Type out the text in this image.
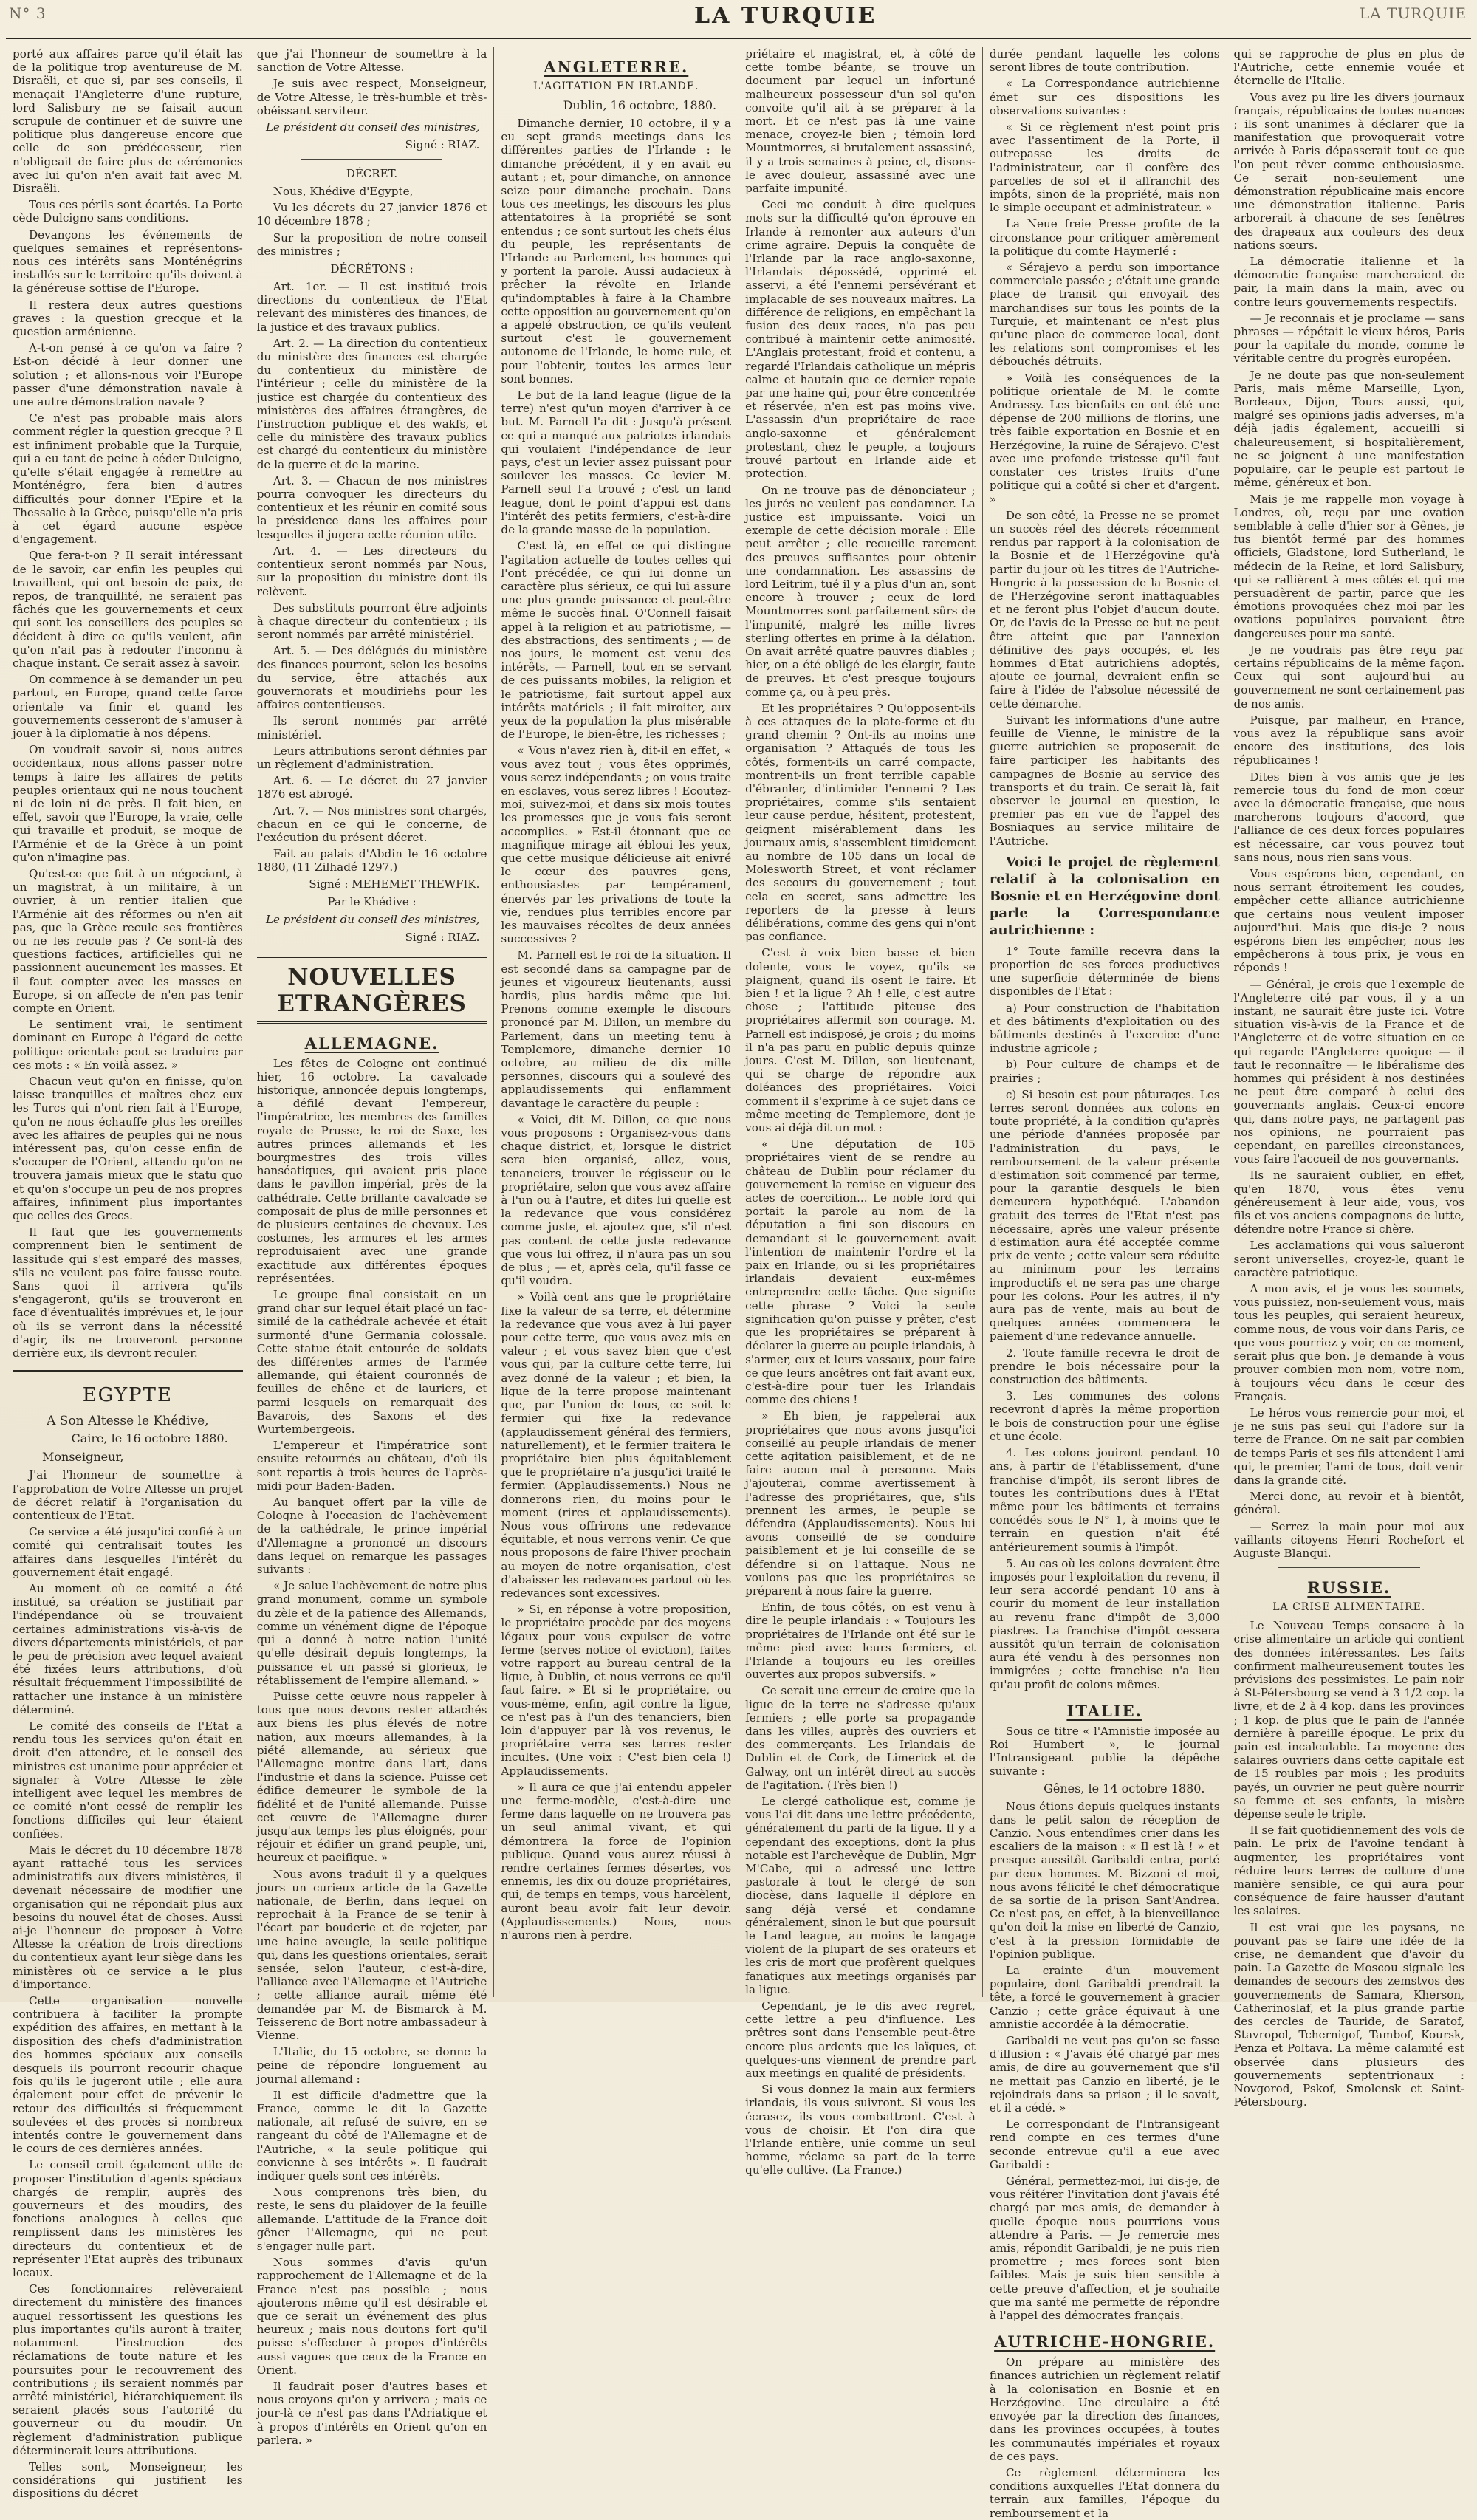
N° 3	LA TURQUIE	LA TURQUIE

porté aux affaires parce qu'il était las de la politique trop aventureuse de M. Disraëli, et que si, par ses conseils, il menaçait l'Angleterre d'une rupture, lord Salisbury ne se faisait aucun scrupule de continuer et de suivre une politique plus dangereuse encore que celle de son prédécesseur, rien n'obligeait de faire plus de cérémonies avec lui qu'on n'en avait fait avec M. Disraëli.

Tous ces périls sont écartés. La Porte cède Dulcigno sans conditions.

Devançons les événements de quelques semaines et représentons-nous ces intérêts sans Monténégrins installés sur le territoire qu'ils doivent à la généreuse sottise de l'Europe.

Il restera deux autres questions graves : la question grecque et la question arménienne.

A-t-on pensé à ce qu'on va faire ? Est-on décidé à leur donner une solution ; et allons-nous voir l'Europe passer d'une démonstration navale à une autre démonstration navale ?

Ce n'est pas probable mais alors comment régler la question grecque ? Il est infiniment probable que la Turquie, qui a eu tant de peine à céder Dulcigno, qu'elle s'était engagée à remettre au Monténégro, fera bien d'autres difficultés pour donner l'Epire et la Thessalie à la Grèce, puisqu'elle n'a pris à cet égard aucune espèce d'engagement.

Que fera-t-on ? Il serait intéressant de le savoir, car enfin les peuples qui travaillent, qui ont besoin de paix, de repos, de tranquillité, ne seraient pas fâchés que les gouvernements et ceux qui sont les conseillers des peuples se décident à dire ce qu'ils veulent, afin qu'on n'ait pas à redouter l'inconnu à chaque instant. Ce serait assez à savoir.

On commence à se demander un peu partout, en Europe, quand cette farce orientale va finir et quand les gouvernements cesseront de s'amuser à jouer à la diplomatie à nos dépens.

On voudrait savoir si, nous autres occidentaux, nous allons passer notre temps à faire les affaires de petits peuples orientaux qui ne nous touchent ni de loin ni de près. Il fait bien, en effet, savoir que l'Europe, la vraie, celle qui travaille et produit, se moque de l'Arménie et de la Grèce à un point qu'on n'imagine pas.

Qu'est-ce que fait à un négociant, à un magistrat, à un militaire, à un ouvrier, à un rentier italien que l'Arménie ait des réformes ou n'en ait pas, que la Grèce recule ses frontières ou ne les recule pas ? Ce sont-là des questions factices, artificielles qui ne passionnent aucunement les masses. Et il faut compter avec les masses en Europe, si on affecte de n'en pas tenir compte en Orient.

Le sentiment vrai, le sentiment dominant en Europe à l'égard de cette politique orientale peut se traduire par ces mots : « En voilà assez. »

Chacun veut qu'on en finisse, qu'on laisse tranquilles et maîtres chez eux les Turcs qui n'ont rien fait à l'Europe, qu'on ne nous échauffe plus les oreilles avec les affaires de peuples qui ne nous intéressent pas, qu'on cesse enfin de s'occuper de l'Orient, attendu qu'on ne trouvera jamais mieux que le statu quo et qu'on s'occupe un peu de nos propres affaires, infiniment plus importantes que celles des Grecs.

Il faut que les gouvernements comprennent bien le sentiment de lassitude qui s'est emparé des masses, s'ils ne veulent pas faire fausse route. Sans quoi il arrivera qu'ils s'engageront, qu'ils se trouveront en face d'éventualités imprévues et, le jour où ils se verront dans la nécessité d'agir, ils ne trouveront personne derrière eux, ils devront reculer.

EGYPTE
A Son Altesse le Khédive,
Caire, le 16 octobre 1880.
Monseigneur,

J'ai l'honneur de soumettre à l'approbation de Votre Altesse un projet de décret relatif à l'organisation du contentieux de l'Etat.

Ce service a été jusqu'ici confié à un comité qui centralisait toutes les affaires dans lesquelles l'intérêt du gouvernement était engagé.

Au moment où ce comité a été institué, sa création se justifiait par l'indépendance où se trouvaient certaines administrations vis-à-vis de divers départements ministériels, et par le peu de précision avec lequel avaient été fixées leurs attributions, d'où résultait fréquemment l'impossibilité de rattacher une instance à un ministère déterminé.

Le comité des conseils de l'Etat a rendu tous les services qu'on était en droit d'en attendre, et le conseil des ministres est unanime pour apprécier et signaler à Votre Altesse le zèle intelligent avec lequel les membres de ce comité n'ont cessé de remplir les fonctions difficiles qui leur étaient confiées.

Mais le décret du 10 décembre 1878 ayant rattaché tous les services administratifs aux divers ministères, il devenait nécessaire de modifier une organisation qui ne répondait plus aux besoins du nouvel état de choses. Aussi ai-je l'honneur de proposer à Votre Altesse la création de trois directions du contentieux ayant leur siège dans les ministères où ce service a le plus d'importance.

Cette organisation nouvelle contribuera à faciliter la prompte expédition des affaires, en mettant à la disposition des chefs d'administration des hommes spéciaux aux conseils desquels ils pourront recourir chaque fois qu'ils le jugeront utile ; elle aura également pour effet de prévenir le retour des difficultés si fréquemment soulevées et des procès si nombreux intentés contre le gouvernement dans le cours de ces dernières années.

Le conseil croit également utile de proposer l'institution d'agents spéciaux chargés de remplir, auprès des gouverneurs et des moudirs, des fonctions analogues à celles que remplissent dans les ministères les directeurs du contentieux et de représenter l'Etat auprès des tribunaux locaux.

Ces fonctionnaires relèveraient directement du ministère des finances auquel ressortissent les questions les plus importantes qu'ils auront à traiter, notamment l'instruction des réclamations de toute nature et les poursuites pour le recouvrement des contributions ; ils seraient nommés par arrêté ministériel, hiérarchiquement ils seraient placés sous l'autorité du gouverneur ou du moudir. Un règlement d'administration publique déterminerait leurs attributions.

Telles sont, Monseigneur, les considérations qui justifient les dispositions du décret

que j'ai l'honneur de soumettre à la sanction de Votre Altesse.

Je suis avec respect, Monseigneur, de Votre Altesse, le très-humble et très-obéissant serviteur.

Le président du conseil des ministres,
Signé : RIAZ.
DÉCRET.

Nous, Khédive d'Egypte,

Vu les décrets du 27 janvier 1876 et 10 décembre 1878 ;

Sur la proposition de notre conseil des ministres ;

DÉCRÉTONS :

Art. 1er. — Il est institué trois directions du contentieux de l'Etat relevant des ministères des finances, de la justice et des travaux publics.

Art. 2. — La direction du contentieux du ministère des finances est chargée du contentieux du ministère de l'intérieur ; celle du ministère de la justice est chargée du contentieux des ministères des affaires étrangères, de l'instruction publique et des wakfs, et celle du ministère des travaux publics est chargé du contentieux du ministère de la guerre et de la marine.

Art. 3. — Chacun de nos ministres pourra convoquer les directeurs du contentieux et les réunir en comité sous la présidence dans les affaires pour lesquelles il jugera cette réunion utile.

Art. 4. — Les directeurs du contentieux seront nommés par Nous, sur la proposition du ministre dont ils relèvent.

Des substituts pourront être adjoints à chaque directeur du contentieux ; ils seront nommés par arrêté ministériel.

Art. 5. — Des délégués du ministère des finances pourront, selon les besoins du service, être attachés aux gouvernorats et moudiriehs pour les affaires contentieuses.

Ils seront nommés par arrêté ministériel.

Leurs attributions seront définies par un règlement d'administration.

Art. 6. — Le décret du 27 janvier 1876 est abrogé.

Art. 7. — Nos ministres sont chargés, chacun en ce qui le concerne, de l'exécution du présent décret.

Fait au palais d'Abdin le 16 octobre 1880, (11 Zilhadé 1297.)

Signé : MEHEMET THEWFIK.
Par le Khédive :
Le président du conseil des ministres,
Signé : RIAZ.
NOUVELLES ETRANGÈRES
ALLEMAGNE.

Les fêtes de Cologne ont continué hier, 16 octobre. La cavalcade historique, annoncée depuis longtemps, a défilé devant l'empereur, l'impératrice, les membres des familles royale de Prusse, le roi de Saxe, les autres princes allemands et les bourgmestres des trois villes hanséatiques, qui avaient pris place dans le pavillon impérial, près de la cathédrale. Cette brillante cavalcade se composait de plus de mille personnes et de plusieurs centaines de chevaux. Les costumes, les armures et les armes reproduisaient avec une grande exactitude aux différentes époques représentées.

Le groupe final consistait en un grand char sur lequel était placé un fac-similé de la cathédrale achevée et était surmonté d'une Germania colossale. Cette statue était entourée de soldats des différentes armes de l'armée allemande, qui étaient couronnés de feuilles de chêne et de lauriers, et parmi lesquels on remarquait des Bavarois, des Saxons et des Wurtembergeois.

L'empereur et l'impératrice sont ensuite retournés au château, d'où ils sont repartis à trois heures de l'après-midi pour Baden-Baden.

Au banquet offert par la ville de Cologne à l'occasion de l'achèvement de la cathédrale, le prince impérial d'Allemagne a prononcé un discours dans lequel on remarque les passages suivants :

« Je salue l'achèvement de notre plus grand monument, comme un symbole du zèle et de la patience des Allemands, comme un vénément digne de l'époque qui a donné à notre nation l'unité qu'elle désirait depuis longtemps, la puissance et un passé si glorieux, le rétablissement de l'empire allemand. »

Puisse cette œuvre nous rappeler à tous que nous devons rester attachés aux biens les plus élevés de notre nation, aux mœurs allemandes, à la piété allemande, au sérieux que l'Allemagne montre dans l'art, dans l'industrie et dans la science. Puisse cet édifice demeurer le symbole de la fidélité et de l'unité allemande. Puisse cet œuvre de l'Allemagne durer jusqu'aux temps les plus éloignés, pour réjouir et édifier un grand peuple, uni, heureux et pacifique. »

Nous avons traduit il y a quelques jours un curieux article de la Gazette nationale, de Berlin, dans lequel on reprochait à la France de se tenir à l'écart par bouderie et de rejeter, par une haine aveugle, la seule politique qui, dans les questions orientales, serait sensée, selon l'auteur, c'est-à-dire, l'alliance avec l'Allemagne et l'Autriche ; cette alliance aurait même été demandée par M. de Bismarck à M. Teisserenc de Bort notre ambassadeur à Vienne.

L'Italie, du 15 octobre, se donne la peine de répondre longuement au journal allemand :

Il est difficile d'admettre que la France, comme le dit la Gazette nationale, ait refusé de suivre, en se rangeant du côté de l'Allemagne et de l'Autriche, « la seule politique qui convienne à ses intérêts ». Il faudrait indiquer quels sont ces intérêts.

Nous comprenons très bien, du reste, le sens du plaidoyer de la feuille allemande. L'attitude de la France doit gêner l'Allemagne, qui ne peut s'engager nulle part.

Nous sommes d'avis qu'un rapprochement de l'Allemagne et de la France n'est pas possible ; nous ajouterons même qu'il est désirable et que ce serait un événement des plus heureux ; mais nous doutons fort qu'il puisse s'effectuer à propos d'intérêts aussi vagues que ceux de la France en Orient.

Il faudrait poser d'autres bases et nous croyons qu'on y arrivera ; mais ce jour-là ce n'est pas dans l'Adriatique et à propos d'intérêts en Orient qu'on en parlera. »

ANGLETERRE.
L'AGITATION EN IRLANDE.
Dublin, 16 octobre, 1880.

Dimanche dernier, 10 octobre, il y a eu sept grands meetings dans les différentes parties de l'Irlande : le dimanche précédent, il y en avait eu autant ; et, pour dimanche, on annonce seize pour dimanche prochain. Dans tous ces meetings, les discours les plus attentatoires à la propriété se sont entendus ; ce sont surtout les chefs élus du peuple, les représentants de l'Irlande au Parlement, les hommes qui y portent la parole. Aussi audacieux à prêcher la révolte en Irlande qu'indomptables à faire à la Chambre cette opposition au gouvernement qu'on a appelé obstruction, ce qu'ils veulent surtout c'est le gouvernement autonome de l'Irlande, le home rule, et pour l'obtenir, toutes les armes leur sont bonnes.

Le but de la land league (ligue de la terre) n'est qu'un moyen d'arriver à ce but. M. Parnell l'a dit : Jusqu'à présent ce qui a manqué aux patriotes irlandais qui voulaient l'indépendance de leur pays, c'est un levier assez puissant pour soulever les masses. Ce levier M. Parnell seul l'a trouvé ; c'est un land league, dont le point d'appui est dans l'intérêt des petits fermiers, c'est-à-dire de la grande masse de la population.

C'est là, en effet ce qui distingue l'agitation actuelle de toutes celles qui l'ont précédée, ce qui lui donne un caractère plus sérieux, ce qui lui assure une plus grande puissance et peut-être même le succès final. O'Connell faisait appel à la religion et au patriotisme, — des abstractions, des sentiments ; — de nos jours, le moment est venu des intérêts, — Parnell, tout en se servant de ces puissants mobiles, la religion et le patriotisme, fait surtout appel aux intérêts matériels ; il fait miroiter, aux yeux de la population la plus misérable de l'Europe, le bien-être, les richesses ;

« Vous n'avez rien à, dit-il en effet, « vous avez tout ; vous êtes opprimés, vous serez indépendants ; on vous traite en esclaves, vous serez libres ! Ecoutez-moi, suivez-moi, et dans six mois toutes les promesses que je vous fais seront accomplies. » Est-il étonnant que ce magnifique mirage ait ébloui les yeux, que cette musique délicieuse ait enivré le cœur des pauvres gens, enthousiastes par tempérament, énervés par les privations de toute la vie, rendues plus terribles encore par les mauvaises récoltes de deux années successives ?

M. Parnell est le roi de la situation. Il est secondé dans sa campagne par de jeunes et vigoureux lieutenants, aussi hardis, plus hardis même que lui. Prenons comme exemple le discours prononcé par M. Dillon, un membre du Parlement, dans un meeting tenu à Templemore, dimanche dernier 10 octobre, au milieu de dix mille personnes, discours qui a soulevé des applaudissements qui enflamment davantage le caractère du peuple :

« Voici, dit M. Dillon, ce que nous vous proposons : Organisez-vous dans chaque district, et, lorsque le district sera bien organisé, allez, vous, tenanciers, trouver le régisseur ou le propriétaire, selon que vous avez affaire à l'un ou à l'autre, et dites lui quelle est la redevance que vous considérez comme juste, et ajoutez que, s'il n'est pas content de cette juste redevance que vous lui offrez, il n'aura pas un sou de plus ; — et, après cela, qu'il fasse ce qu'il voudra.

» Voilà cent ans que le propriétaire fixe la valeur de sa terre, et détermine la redevance que vous avez à lui payer pour cette terre, que vous avez mis en valeur ; et vous savez bien que c'est vous qui, par la culture cette terre, lui avez donné de la valeur ; et bien, la ligue de la terre propose maintenant que, par l'union de tous, ce soit le fermier qui fixe la redevance (applaudissement général des fermiers, naturellement), et le fermier traitera le propriétaire bien plus équitablement que le propriétaire n'a jusqu'ici traité le fermier. (Applaudissements.) Nous ne donnerons rien, du moins pour le moment (rires et applaudissements). Nous vous offrirons une redevance équitable, et nous verrons venir. Ce que nous proposons de faire l'hiver prochain au moyen de notre organisation, c'est d'abaisser les redevances partout où les redevances sont excessives.

» Si, en réponse à votre proposition, le propriétaire procède par des moyens légaux pour vous expulser de votre ferme (serves notice of eviction), faites votre rapport au bureau central de la ligue, à Dublin, et nous verrons ce qu'il faut faire. » Et si le propriétaire, ou vous-même, enfin, agit contre la ligue, ce n'est pas à l'un des tenanciers, bien loin d'appuyer par là vos revenus, le propriétaire verra ses terres rester incultes. (Une voix : C'est bien cela !) Applaudissements.

» Il aura ce que j'ai entendu appeler une ferme-modèle, c'est-à-dire une ferme dans laquelle on ne trouvera pas un seul animal vivant, et qui démontrera la force de l'opinion publique. Quand vous aurez réussi à rendre certaines fermes désertes, vos ennemis, les dix ou douze propriétaires, qui, de temps en temps, vous harcèlent, auront beau avoir fait leur devoir. (Applaudissements.) Nous, nous n'aurons rien à perdre.

priétaire et magistrat, et, à côté de cette tombe béante, se trouve un document par lequel un infortuné malheureux possesseur d'un sol qu'on convoite qu'il ait à se préparer à la mort. Et ce n'est pas là une vaine menace, croyez-le bien ; témoin lord Mountmorres, si brutalement assassiné, il y a trois semaines à peine, et, disons-le avec douleur, assassiné avec une parfaite impunité.

Ceci me conduit à dire quelques mots sur la difficulté qu'on éprouve en Irlande à remonter aux auteurs d'un crime agraire. Depuis la conquête de l'Irlande par la race anglo-saxonne, l'Irlandais dépossédé, opprimé et asservi, a été l'ennemi persévérant et implacable de ses nouveaux maîtres. La différence de religions, en empêchant la fusion des deux races, n'a pas peu contribué à maintenir cette animosité. L'Anglais protestant, froid et contenu, a regardé l'Irlandais catholique un mépris calme et hautain que ce dernier repaie par une haine qui, pour être concentrée et réservée, n'en est pas moins vive. L'assassin d'un propriétaire de race anglo-saxonne et généralement protestant, chez le peuple, a toujours trouvé partout en Irlande aide et protection.

On ne trouve pas de dénonciateur ; les jurés ne veulent pas condamner. La justice est impuissante. Voici un exemple de cette décision morale : Elle peut arrêter ; elle recueille rarement des preuves suffisantes pour obtenir une condamnation. Les assassins de lord Leitrim, tué il y a plus d'un an, sont encore à trouver ; ceux de lord Mountmorres sont parfaitement sûrs de l'impunité, malgré les mille livres sterling offertes en prime à la délation. On avait arrêté quatre pauvres diables ; hier, on a été obligé de les élargir, faute de preuves. Et c'est presque toujours comme ça, ou à peu près.

Et les propriétaires ? Qu'opposent-ils à ces attaques de la plate-forme et du grand chemin ? Ont-ils au moins une organisation ? Attaqués de tous les côtés, forment-ils un carré compacte, montrent-ils un front terrible capable d'ébranler, d'intimider l'ennemi ? Les propriétaires, comme s'ils sentaient leur cause perdue, hésitent, protestent, geignent misérablement dans les journaux amis, s'assemblent timidement au nombre de 105 dans un local de Molesworth Street, et vont réclamer des secours du gouvernement ; tout cela en secret, sans admettre les reporters de la presse à leurs délibérations, comme des gens qui n'ont pas confiance.

C'est à voix bien basse et bien dolente, vous le voyez, qu'ils se plaignent, quand ils osent le faire. Et bien ! et la ligue ? Ah ! elle, c'est autre chose ; l'attitude piteuse des propriétaires affermit son courage. M. Parnell est indisposé, je crois ; du moins il n'a pas paru en public depuis quinze jours. C'est M. Dillon, son lieutenant, qui se charge de répondre aux doléances des propriétaires. Voici comment il s'exprime à ce sujet dans ce même meeting de Templemore, dont je vous ai déjà dit un mot :

« Une députation de 105 propriétaires vient de se rendre au château de Dublin pour réclamer du gouvernement la remise en vigueur des actes de coercition... Le noble lord qui portait la parole au nom de la députation a fini son discours en demandant si le gouvernement avait l'intention de maintenir l'ordre et la paix en Irlande, ou si les propriétaires irlandais devaient eux-mêmes entreprendre cette tâche. Que signifie cette phrase ? Voici la seule signification qu'on puisse y prêter, c'est que les propriétaires se préparent à déclarer la guerre au peuple irlandais, à s'armer, eux et leurs vassaux, pour faire ce que leurs ancêtres ont fait avant eux, c'est-à-dire pour tuer les Irlandais comme des chiens !

» Eh bien, je rappelerai aux propriétaires que nous avons jusqu'ici conseillé au peuple irlandais de mener cette agitation paisiblement, et de ne faire aucun mal à personne. Mais j'ajouterai, comme avertissement à l'adresse des propriétaires, que, s'ils prennent les armes, le peuple se défendra (Applaudissements). Nous lui avons conseillé de se conduire paisiblement et je lui conseille de se défendre si on l'attaque. Nous ne voulons pas que les propriétaires se préparent à nous faire la guerre.

Enfin, de tous côtés, on est venu à dire le peuple irlandais : « Toujours les propriétaires de l'Irlande ont été sur le même pied avec leurs fermiers, et l'Irlande a toujours eu les oreilles ouvertes aux propos subversifs. »

Ce serait une erreur de croire que la ligue de la terre ne s'adresse qu'aux fermiers ; elle porte sa propagande dans les villes, auprès des ouvriers et des commerçants. Les Irlandais de Dublin et de Cork, de Limerick et de Galway, ont un intérêt direct au succès de l'agitation. (Très bien !)

Le clergé catholique est, comme je vous l'ai dit dans une lettre précédente, généralement du parti de la ligue. Il y a cependant des exceptions, dont la plus notable est l'archevêque de Dublin, Mgr M'Cabe, qui a adressé une lettre pastorale à tout le clergé de son diocèse, dans laquelle il déplore en sang déjà versé et condamne généralement, sinon le but que poursuit le Land league, au moins le langage violent de la plupart de ses orateurs et les cris de mort que profèrent quelques fanatiques aux meetings organisés par la ligue.

Cependant, je le dis avec regret, cette lettre a peu d'influence. Les prêtres sont dans l'ensemble peut-être encore plus ardents que les laïques, et quelques-uns viennent de prendre part aux meetings en qualité de présidents.

Si vous donnez la main aux fermiers irlandais, ils vous suivront. Si vous les écrasez, ils vous combattront. C'est à vous de choisir. Et l'on dira que l'Irlande entière, unie comme un seul homme, réclame sa part de la terre qu'elle cultive. (La France.)

durée pendant laquelle les colons seront libres de toute contribution.

« La Correspondance autrichienne émet sur ces dispositions les observations suivantes :

« Si ce règlement n'est point pris avec l'assentiment de la Porte, il outrepasse les droits de l'administrateur, car il confère des parcelles de sol et il affranchit des impôts, sinon de la propriété, mais non le simple occupant et administrateur. »

La Neue freie Presse profite de la circonstance pour critiquer amèrement la politique du comte Haymerlé :

« Sérajevo a perdu son importance commerciale passée ; c'était une grande place de transit qui envoyait des marchandises sur tous les points de la Turquie, et maintenant ce n'est plus qu'une place de commerce local, dont les relations sont compromises et les débouchés détruits.

» Voilà les conséquences de la politique orientale de M. le comte Andrassy. Les bienfaits en ont été une dépense de 200 millions de florins, une très faible exportation en Bosnie et en Herzégovine, la ruine de Sérajevo. C'est avec une profonde tristesse qu'il faut constater ces tristes fruits d'une politique qui a coûté si cher et d'argent. »

De son côté, la Presse ne se promet un succès réel des décrets récemment rendus par rapport à la colonisation de la Bosnie et de l'Herzégovine qu'à partir du jour où les titres de l'Autriche-Hongrie à la possession de la Bosnie et de l'Herzégovine seront inattaquables et ne feront plus l'objet d'aucun doute. Or, de l'avis de la Presse ce but ne peut être atteint que par l'annexion définitive des pays occupés, et les hommes d'Etat autrichiens adoptés, ajoute ce journal, devraient enfin se faire à l'idée de l'absolue nécessité de cette démarche.

Suivant les informations d'une autre feuille de Vienne, le ministre de la guerre autrichien se proposerait de faire participer les habitants des campagnes de Bosnie au service des transports et du train. Ce serait là, fait observer le journal en question, le premier pas en vue de l'appel des Bosniaques au service militaire de l'Autriche.

Voici le projet de règlement relatif à la colonisation en Bosnie et en Herzégovine dont parle la Correspondance autrichienne :

1° Toute famille recevra dans la proportion de ses forces productives une superficie déterminée de biens disponibles de l'Etat :

a) Pour construction de l'habitation et des bâtiments d'exploitation ou des bâtiments destinés à l'exercice d'une industrie agricole ;

b) Pour culture de champs et de prairies ;

c) Si besoin est pour pâturages. Les terres seront données aux colons en toute propriété, à la condition qu'après une période d'années proposée par l'administration du pays, le remboursement de la valeur présente d'estimation soit commencé par terme, pour la garantie desquels le bien demeurera hypothéqué. L'abandon gratuit des terres de l'Etat n'est pas nécessaire, après une valeur présente d'estimation aura été acceptée comme prix de vente ; cette valeur sera réduite au minimum pour les terrains improductifs et ne sera pas une charge pour les colons. Pour les autres, il n'y aura pas de vente, mais au bout de quelques années commencera le paiement d'une redevance annuelle.

2. Toute famille recevra le droit de prendre le bois nécessaire pour la construction des bâtiments.

3. Les communes des colons recevront d'après la même proportion le bois de construction pour une église et une école.

4. Les colons jouiront pendant 10 ans, à partir de l'établissement, d'une franchise d'impôt, ils seront libres de toutes les contributions dues à l'Etat même pour les bâtiments et terrains concédés sous le N° 1, à moins que le terrain en question n'ait été antérieurement soumis à l'impôt.

5. Au cas où les colons devraient être imposés pour l'exploitation du revenu, il leur sera accordé pendant 10 ans à courir du moment de leur installation au revenu franc d'impôt de 3,000 piastres. La franchise d'impôt cessera aussitôt qu'un terrain de colonisation aura été vendu à des personnes non immigrées ; cette franchise n'a lieu qu'au profit de colons mêmes.

ITALIE.

Sous ce titre « l'Amnistie imposée au Roi Humbert », le journal l'Intransigeant publie la dépêche suivante :

Gênes, le 14 octobre 1880.

Nous étions depuis quelques instants dans le petit salon de réception de Canzio. Nous entendîmes crier dans les escaliers de la maison : « Il est là ! » et presque aussitôt Garibaldi entra, porté par deux hommes. M. Bizzoni et moi, nous avons félicité le chef démocratique de sa sortie de la prison Sant'Andrea. Ce n'est pas, en effet, à la bienveillance qu'on doit la mise en liberté de Canzio, c'est à la pression formidable de l'opinion publique.

La crainte d'un mouvement populaire, dont Garibaldi prendrait la tête, a forcé le gouvernement à gracier Canzio ; cette grâce équivaut à une amnistie accordée à la démocratie.

Garibaldi ne veut pas qu'on se fasse d'illusion : « J'avais été chargé par mes amis, de dire au gouvernement que s'il ne mettait pas Canzio en liberté, je le rejoindrais dans sa prison ; il le savait, et il a cédé. »

Le correspondant de l'Intransigeant rend compte en ces termes d'une seconde entrevue qu'il a eue avec Garibaldi :

Général, permettez-moi, lui dis-je, de vous réitérer l'invitation dont j'avais été chargé par mes amis, de demander à quelle époque nous pourrions vous attendre à Paris. — Je remercie mes amis, répondit Garibaldi, je ne puis rien promettre ; mes forces sont bien faibles. Mais je suis bien sensible à cette preuve d'affection, et je souhaite que ma santé me permette de répondre à l'appel des démocrates français.

AUTRICHE-HONGRIE.

On prépare au ministère des finances autrichien un règlement relatif à la colonisation en Bosnie et en Herzégovine. Une circulaire a été envoyée par la direction des finances, dans les provinces occupées, à toutes les communautés impériales et royaux de ces pays.

Ce règlement déterminera les conditions auxquelles l'Etat donnera du terrain aux familles, l'époque du remboursement et la

qui se rapproche de plus en plus de l'Autriche, cette ennemie vouée et éternelle de l'Italie.

Vous avez pu lire les divers journaux français, républicains de toutes nuances ; ils sont unanimes à déclarer que la manifestation que provoquerait votre arrivée à Paris dépasserait tout ce que l'on peut rêver comme enthousiasme. Ce serait non-seulement une démonstration républicaine mais encore une démonstration italienne. Paris arborerait à chacune de ses fenêtres des drapeaux aux couleurs des deux nations sœurs.

La démocratie italienne et la démocratie française marcheraient de pair, la main dans la main, avec ou contre leurs gouvernements respectifs.

— Je reconnais et je proclame — sans phrases — répétait le vieux héros, Paris pour la capitale du monde, comme le véritable centre du progrès européen.

Je ne doute pas que non-seulement Paris, mais même Marseille, Lyon, Bordeaux, Dijon, Tours aussi, qui, malgré ses opinions jadis adverses, m'a déjà jadis également, accueilli si chaleureusement, si hospitalièrement, ne se joignent à une manifestation populaire, car le peuple est partout le même, généreux et bon.

Mais je me rappelle mon voyage à Londres, où, reçu par une ovation semblable à celle d'hier sor à Gênes, je fus bientôt fermé par des hommes officiels, Gladstone, lord Sutherland, le médecin de la Reine, et lord Salisbury, qui se rallièrent à mes côtés et qui me persuadèrent de partir, parce que les émotions provoquées chez moi par les ovations populaires pouvaient être dangereuses pour ma santé.

Je ne voudrais pas être reçu par certains républicains de la même façon. Ceux qui sont aujourd'hui au gouvernement ne sont certainement pas de nos amis.

Puisque, par malheur, en France, vous avez la république sans avoir encore des institutions, des lois républicaines !

Dites bien à vos amis que je les remercie tous du fond de mon cœur avec la démocratie française, que nous marcherons toujours d'accord, que l'alliance de ces deux forces populaires est nécessaire, car vous pouvez tout sans nous, nous rien sans vous.

Vous espérons bien, cependant, en nous serrant étroitement les coudes, empêcher cette alliance autrichienne que certains nous veulent imposer aujourd'hui. Mais que dis-je ? nous espérons bien les empêcher, nous les empêcherons à tous prix, je vous en réponds !

— Général, je crois que l'exemple de l'Angleterre cité par vous, il y a un instant, ne saurait être juste ici. Votre situation vis-à-vis de la France et de l'Angleterre et de votre situation en ce qui regarde l'Angleterre quoique — il faut le reconnaître — le libéralisme des hommes qui président à nos destinées ne peut être comparé à celui des gouvernants anglais. Ceux-ci encore qui, dans notre pays, ne partagent pas nos opinions, ne pourraient pas cependant, en pareilles circonstances, vous faire l'accueil de nos gouvernants.

Ils ne sauraient oublier, en effet, qu'en 1870, vous êtes venu généreusement à leur aide, vous, vos fils et vos anciens compagnons de lutte, défendre notre France si chère.

Les acclamations qui vous salueront seront universelles, croyez-le, quant le caractère patriotique.

A mon avis, et je vous les soumets, vous puissiez, non-seulement vous, mais tous les peuples, qui seraient heureux, comme nous, de vous voir dans Paris, ce que vous pourriez y voir, en ce moment, serait plus que bon. Je demande à vous prouver combien mon nom, votre nom, à toujours vécu dans le cœur des Français.

Le héros vous remercie pour moi, et je ne suis pas seul qui l'adore sur la terre de France. On ne sait par combien de temps Paris et ses fils attendent l'ami qui, le premier, l'ami de tous, doit venir dans la grande cité.

Merci donc, au revoir et à bientôt, général.

— Serrez la main pour moi aux vaillants citoyens Henri Rochefort et Auguste Blanqui.

RUSSIE.
LA CRISE ALIMENTAIRE.

Le Nouveau Temps consacre à la crise alimentaire un article qui contient des données intéressantes. Les faits confirment malheureusement toutes les prévisions des pessimistes. Le pain noir à St-Pétersbourg se vend à 3 1/2 cop. la livre, et de 2 à 4 kop. dans les provinces ; 1 kop. de plus que le pain de l'année dernière à pareille époque. Le prix du pain est incalculable. La moyenne des salaires ouvriers dans cette capitale est de 15 roubles par mois ; les produits payés, un ouvrier ne peut guère nourrir sa femme et ses enfants, la misère dépense seule le triple.

Il se fait quotidiennement des vols de pain. Le prix de l'avoine tendant à augmenter, les propriétaires vont réduire leurs terres de culture d'une manière sensible, ce qui aura pour conséquence de faire hausser d'autant les salaires.

Il est vrai que les paysans, ne pouvant pas se faire une idée de la crise, ne demandent que d'avoir du pain. La Gazette de Moscou signale les demandes de secours des zemstvos des gouvernements de Samara, Kherson, Catherinoslaf, et la plus grande partie des cercles de Tauride, de Saratof, Stavropol, Tchernigof, Tambof, Koursk, Penza et Poltava. La même calamité est observée dans plusieurs des gouvernements septentrionaux : Novgorod, Pskof, Smolensk et Saint-Pétersbourg.
